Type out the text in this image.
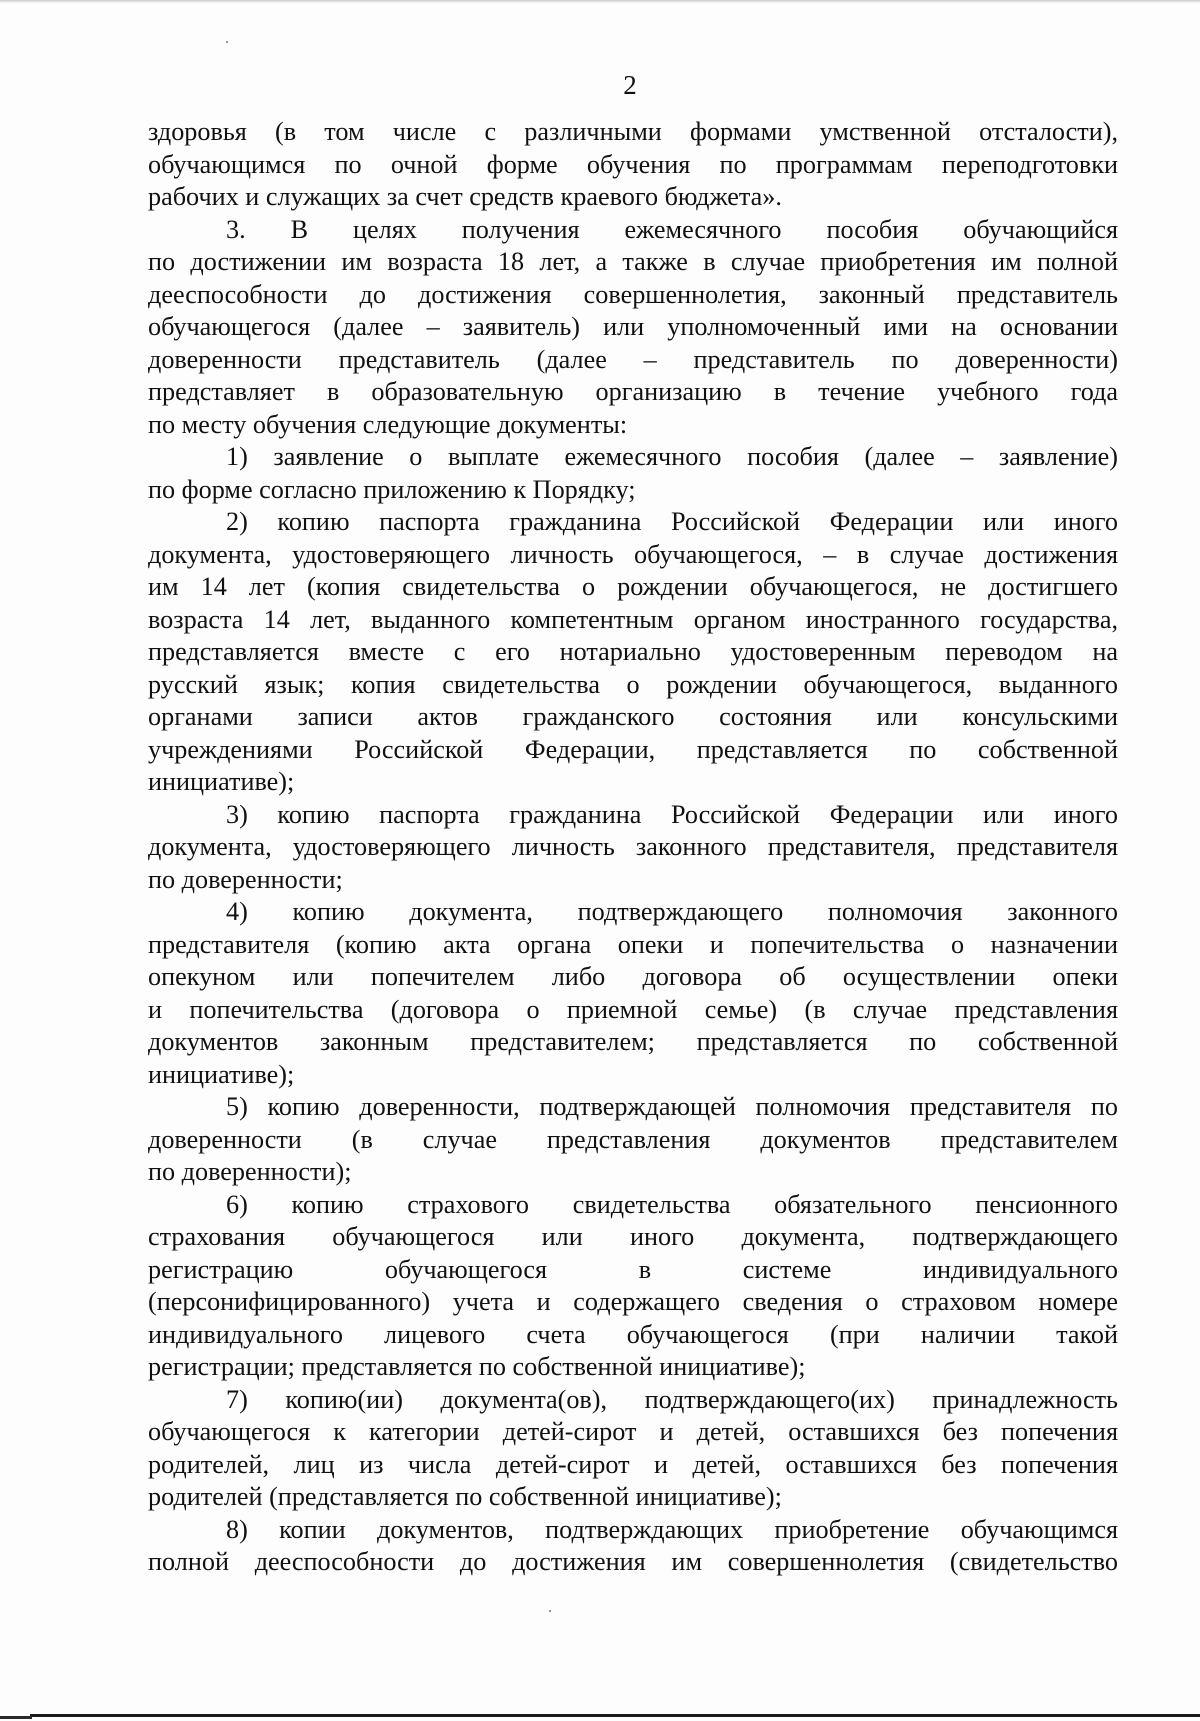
2
здоровья (в том числе с различными формами умственной отсталости),
обучающимся по очной форме обучения по программам переподготовки
рабочих и служащих за счет средств краевого бюджета».
3. В целях получения ежемесячного пособия обучающийся
по достижении им возраста 18 лет, а также в случае приобретения им полной
дееспособности до достижения совершеннолетия, законный представитель
обучающегося (далее – заявитель) или уполномоченный ими на основании
доверенности представитель (далее – представитель по доверенности)
представляет в образовательную организацию в течение учебного года
по месту обучения следующие документы:
1) заявление о выплате ежемесячного пособия (далее – заявление)
по форме согласно приложению к Порядку;
2) копию паспорта гражданина Российской Федерации или иного
документа, удостоверяющего личность обучающегося, – в случае достижения
им 14 лет (копия свидетельства о рождении обучающегося, не достигшего
возраста 14 лет, выданного компетентным органом иностранного государства,
представляется вместе с его нотариально удостоверенным переводом на
русский язык; копия свидетельства о рождении обучающегося, выданного
органами записи актов гражданского состояния или консульскими
учреждениями Российской Федерации, представляется по собственной
инициативе);
3) копию паспорта гражданина Российской Федерации или иного
документа, удостоверяющего личность законного представителя, представителя
по доверенности;
4) копию документа, подтверждающего полномочия законного
представителя (копию акта органа опеки и попечительства о назначении
опекуном или попечителем либо договора об осуществлении опеки
и попечительства (договора о приемной семье) (в случае представления
документов законным представителем; представляется по собственной
инициативе);
5) копию доверенности, подтверждающей полномочия представителя по
доверенности (в случае представления документов представителем
по доверенности);
6) копию страхового свидетельства обязательного пенсионного
страхования обучающегося или иного документа, подтверждающего
регистрацию обучающегося в системе индивидуального
(персонифицированного) учета и содержащего сведения о страховом номере
индивидуального лицевого счета обучающегося (при наличии такой
регистрации; представляется по собственной инициативе);
7) копию(ии) документа(ов), подтверждающего(их) принадлежность
обучающегося к категории детей-сирот и детей, оставшихся без попечения
родителей, лиц из числа детей-сирот и детей, оставшихся без попечения
родителей (представляется по собственной инициативе);
8) копии документов, подтверждающих приобретение обучающимся
полной дееспособности до достижения им совершеннолетия (свидетельство
